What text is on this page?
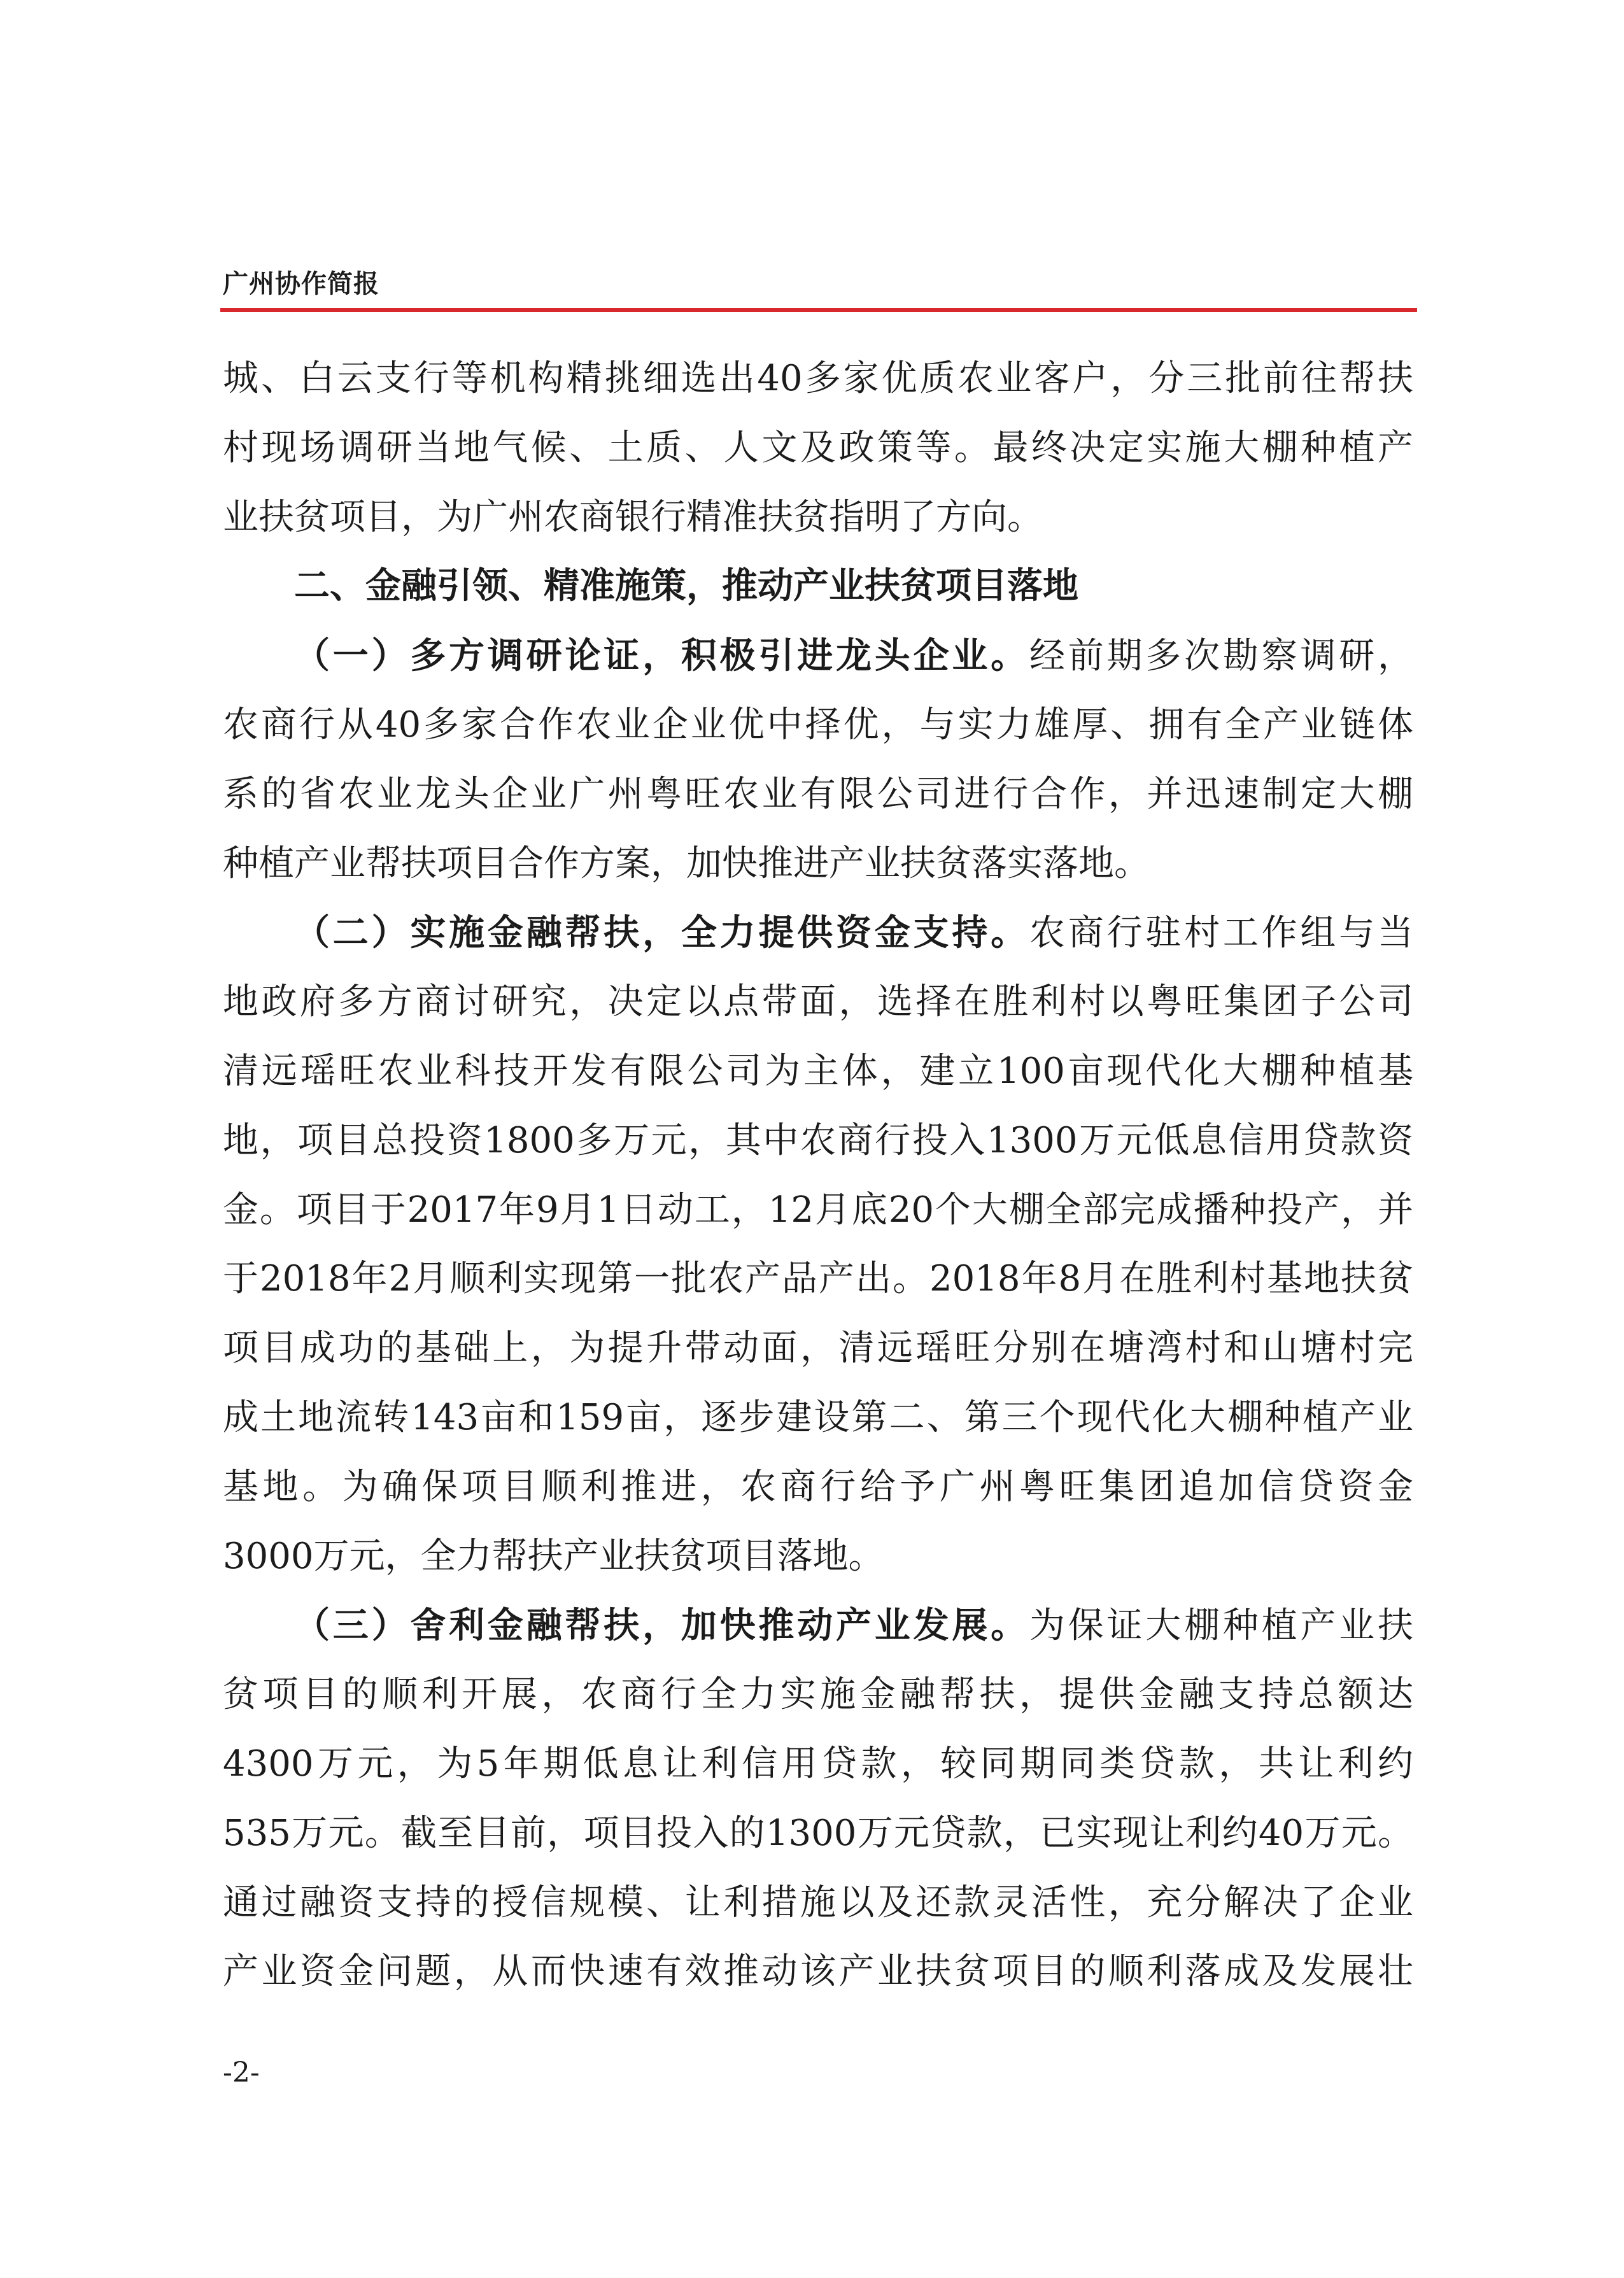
广州协作简报
城、白云支行等机构精挑细选出40多家优质农业客户，分三批前往帮扶
村现场调研当地气候、土质、人文及政策等。最终决定实施大棚种植产
业扶贫项目，为广州农商银行精准扶贫指明了方向。
二、金融引领、精准施策，推动产业扶贫项目落地
（一）多方调研论证，积极引进龙头企业。经前期多次勘察调研，
农商行从40多家合作农业企业优中择优，与实力雄厚、拥有全产业链体
系的省农业龙头企业广州粤旺农业有限公司进行合作，并迅速制定大棚
种植产业帮扶项目合作方案，加快推进产业扶贫落实落地。
（二）实施金融帮扶，全力提供资金支持。农商行驻村工作组与当
地政府多方商讨研究，决定以点带面，选择在胜利村以粤旺集团子公司
清远瑶旺农业科技开发有限公司为主体，建立100亩现代化大棚种植基
地，项目总投资1800多万元，其中农商行投入1300万元低息信用贷款资
金。项目于2017年9月1日动工，12月底20个大棚全部完成播种投产，并
于2018年2月顺利实现第一批农产品产出。2018年8月在胜利村基地扶贫
项目成功的基础上，为提升带动面，清远瑶旺分别在塘湾村和山塘村完
成土地流转143亩和159亩，逐步建设第二、第三个现代化大棚种植产业
基地。为确保项目顺利推进，农商行给予广州粤旺集团追加信贷资金
3000万元，全力帮扶产业扶贫项目落地。
（三）舍利金融帮扶，加快推动产业发展。为保证大棚种植产业扶
贫项目的顺利开展，农商行全力实施金融帮扶，提供金融支持总额达
4300万元，为5年期低息让利信用贷款，较同期同类贷款，共让利约
535万元。截至目前，项目投入的1300万元贷款，已实现让利约40万元。
通过融资支持的授信规模、让利措施以及还款灵活性，充分解决了企业
产业资金问题，从而快速有效推动该产业扶贫项目的顺利落成及发展壮
-2-
